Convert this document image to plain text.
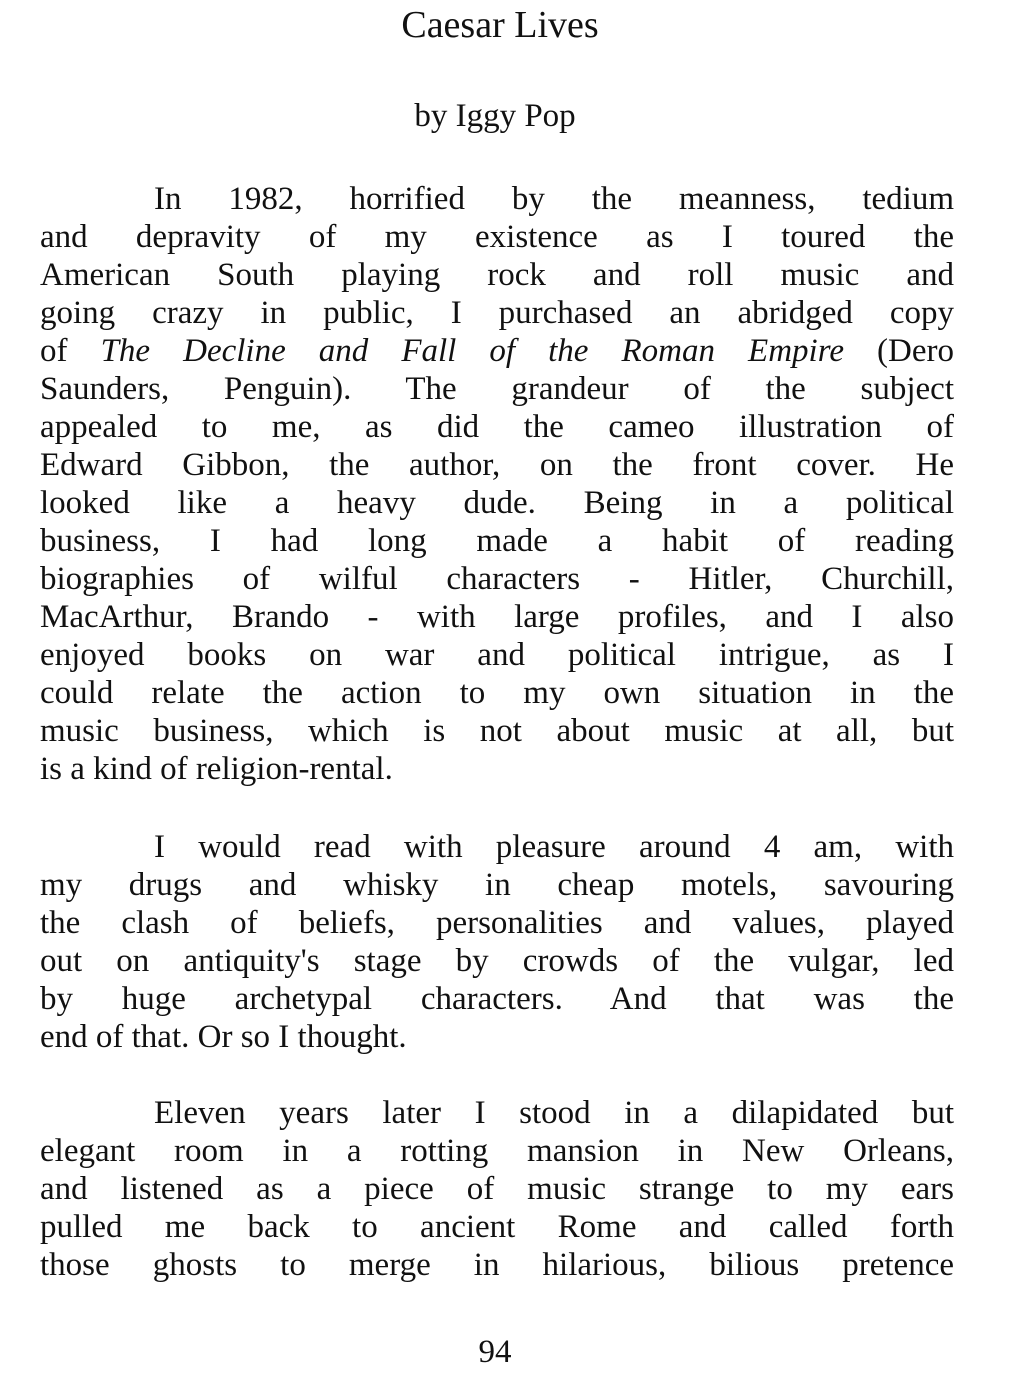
Caesar Lives
by Iggy Pop
In 1982, horrified by the meanness, tedium
and depravity of my existence as I toured the
American South playing rock and roll music and
going crazy in public, I purchased an abridged copy
of The Decline and Fall of the Roman Empire (Dero
Saunders, Penguin). The grandeur of the subject
appealed to me, as did the cameo illustration of
Edward Gibbon, the author, on the front cover. He
looked like a heavy dude. Being in a political
business, I had long made a habit of reading
biographies of wilful characters - Hitler, Churchill,
MacArthur, Brando - with large profiles, and I also
enjoyed books on war and political intrigue, as I
could relate the action to my own situation in the
music business, which is not about music at all, but
is a kind of religion-rental.
I would read with pleasure around 4 am, with
my drugs and whisky in cheap motels, savouring
the clash of beliefs, personalities and values, played
out on antiquity's stage by crowds of the vulgar, led
by huge archetypal characters. And that was the
end of that. Or so I thought.
Eleven years later I stood in a dilapidated but
elegant room in a rotting mansion in New Orleans,
and listened as a piece of music strange to my ears
pulled me back to ancient Rome and called forth
those ghosts to merge in hilarious, bilious pretence
94
